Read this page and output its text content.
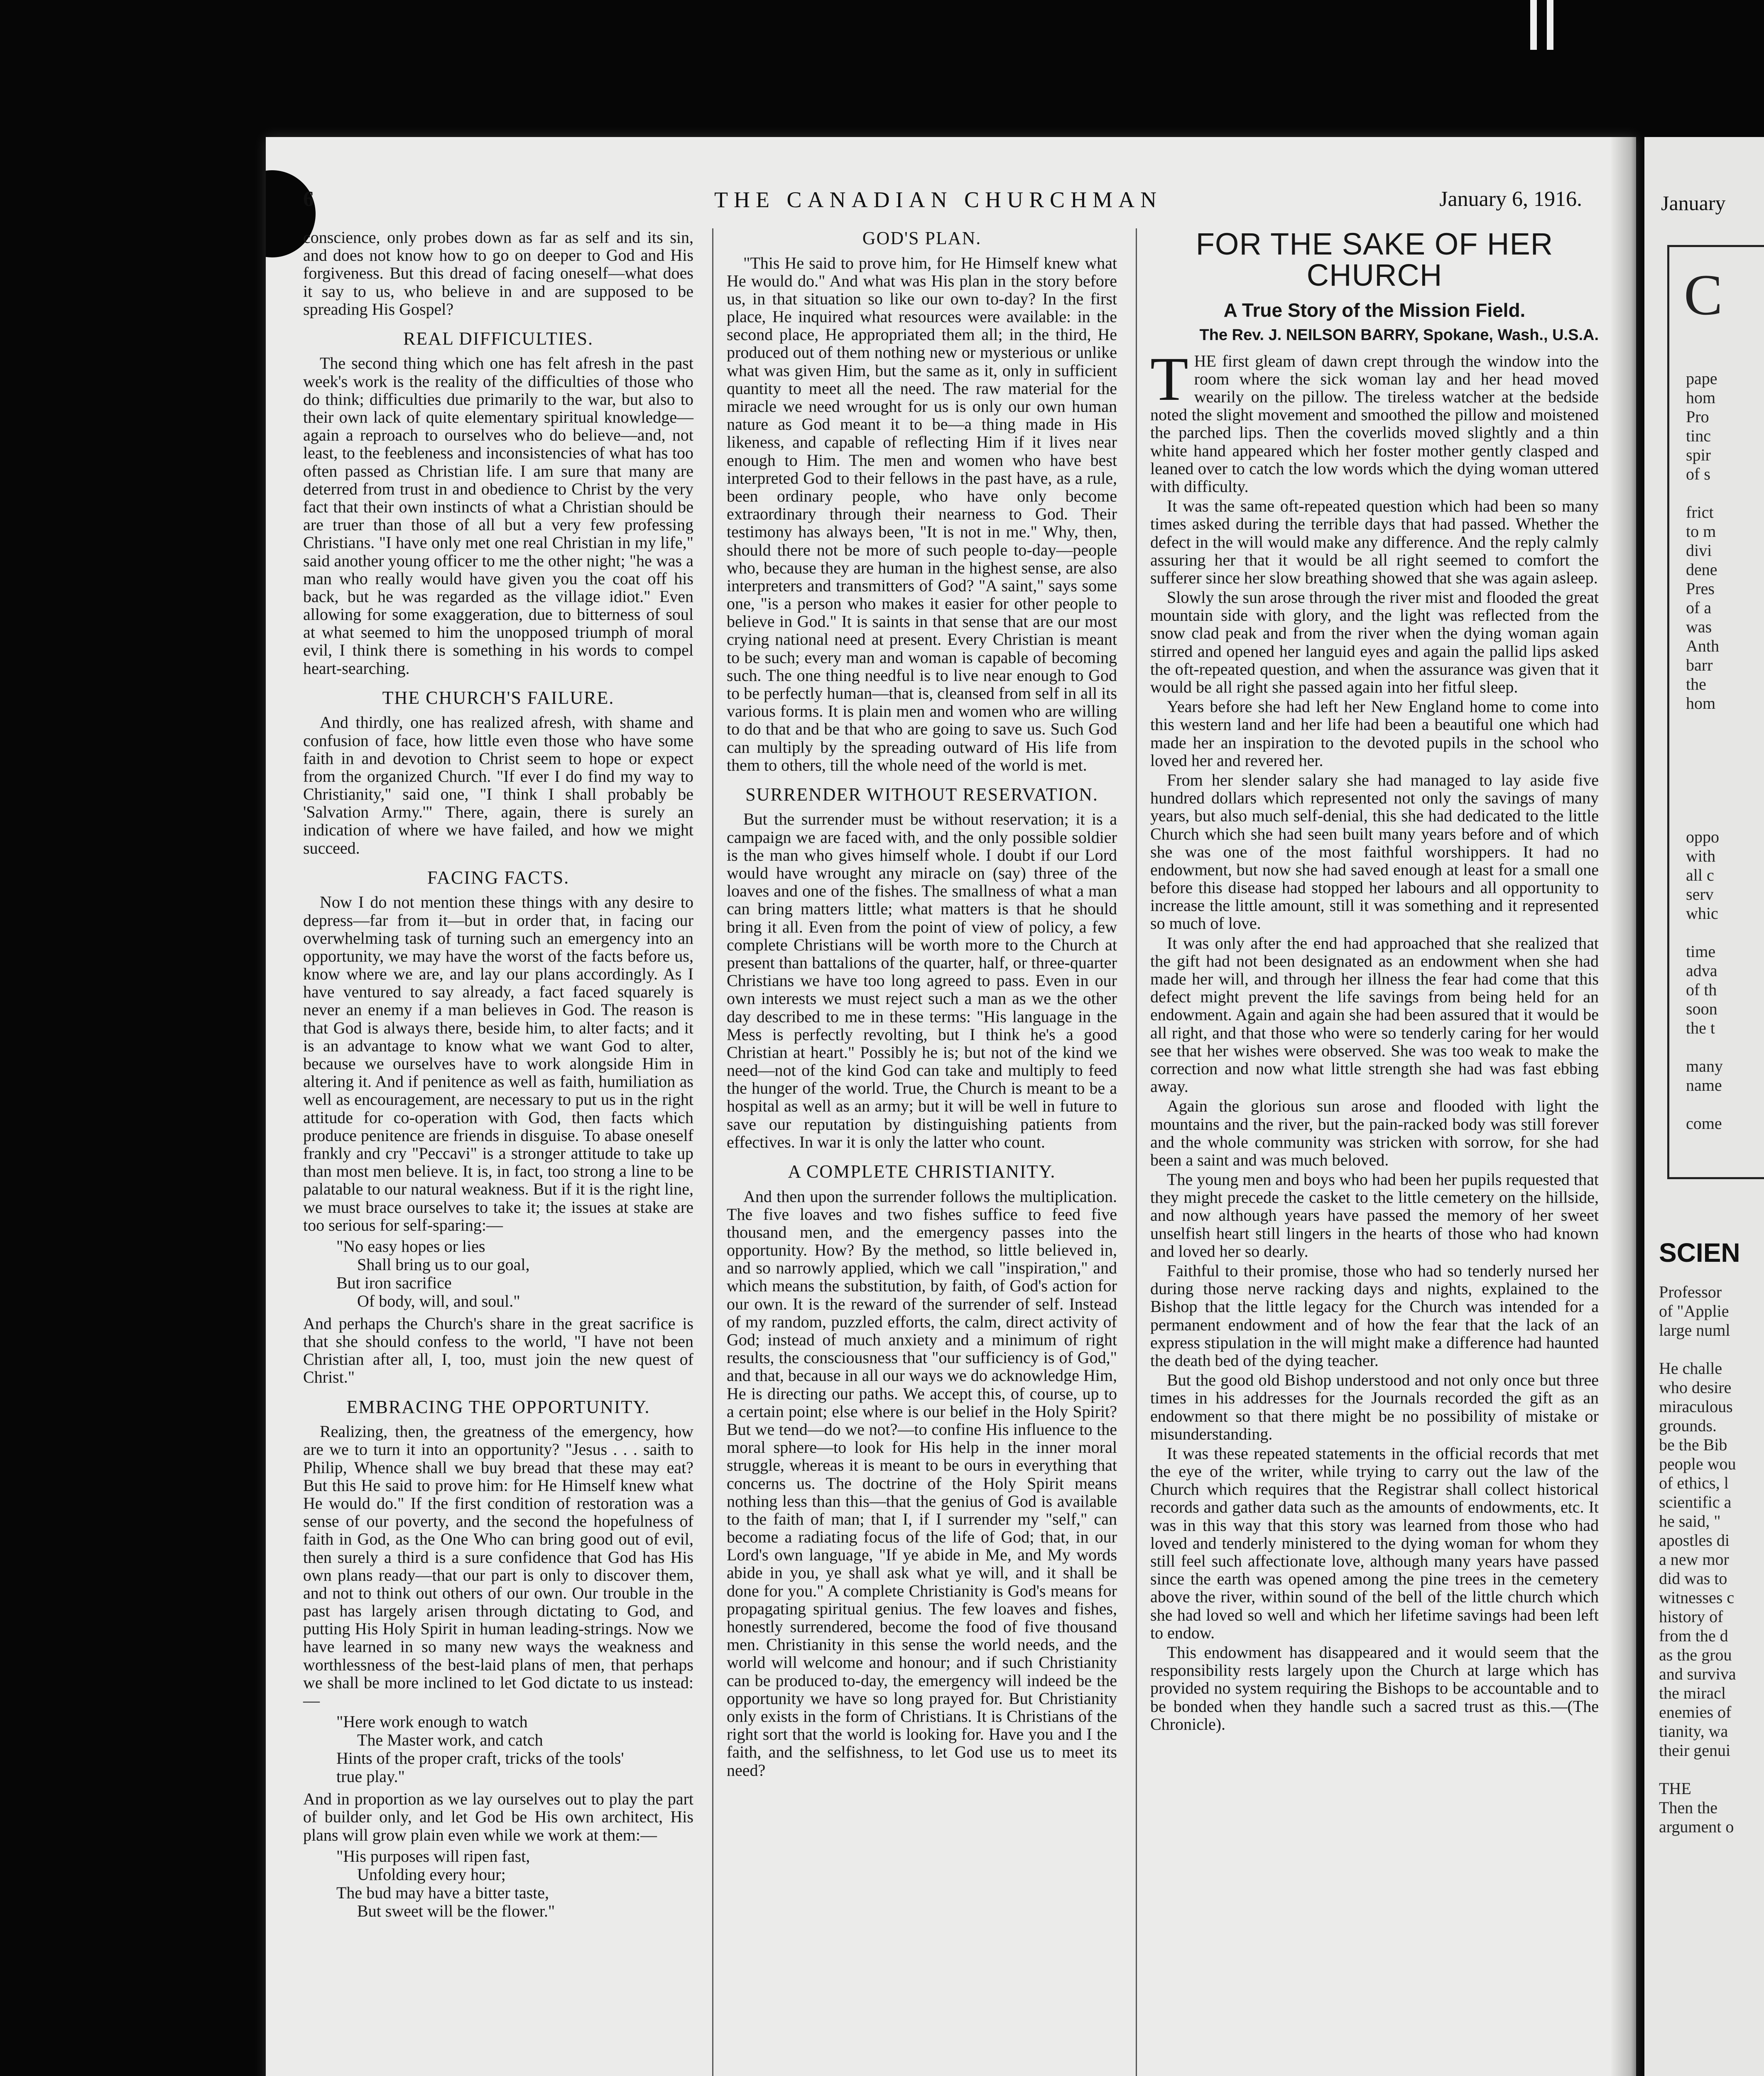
6	THE CANADIAN CHURCHMAN	January 6, 1916.

conscience, only probes down as far as self and its sin, and does not know how to go on deeper to God and His forgiveness. But this dread of facing oneself—what does it say to us, who believe in and are supposed to be spreading His Gospel?

REAL DIFFICULTIES.

The second thing which one has felt afresh in the past week's work is the reality of the difficulties of those who do think; difficulties due primarily to the war, but also to their own lack of quite elementary spiritual knowledge—again a reproach to ourselves who do believe—and, not least, to the feebleness and inconsistencies of what has too often passed as Christian life. I am sure that many are deterred from trust in and obedience to Christ by the very fact that their own instincts of what a Christian should be are truer than those of all but a very few professing Christians. "I have only met one real Christian in my life," said another young officer to me the other night; "he was a man who really would have given you the coat off his back, but he was regarded as the village idiot." Even allowing for some exaggeration, due to bitterness of soul at what seemed to him the unopposed triumph of moral evil, I think there is something in his words to compel heart-searching.

THE CHURCH'S FAILURE.

And thirdly, one has realized afresh, with shame and confusion of face, how little even those who have some faith in and devotion to Christ seem to hope or expect from the organized Church. "If ever I do find my way to Christianity," said one, "I think I shall probably be 'Salvation Army.'" There, again, there is surely an indication of where we have failed, and how we might succeed.

FACING FACTS.

Now I do not mention these things with any desire to depress—far from it—but in order that, in facing our overwhelming task of turning such an emergency into an opportunity, we may have the worst of the facts before us, know where we are, and lay our plans accordingly. As I have ventured to say already, a fact faced squarely is never an enemy if a man believes in God. The reason is that God is always there, beside him, to alter facts; and it is an advantage to know what we want God to alter, because we ourselves have to work alongside Him in altering it. And if penitence as well as faith, humiliation as well as encouragement, are necessary to put us in the right attitude for co-operation with God, then facts which produce penitence are friends in disguise. To abase oneself frankly and cry "Peccavi" is a stronger attitude to take up than most men believe. It is, in fact, too strong a line to be palatable to our natural weakness. But if it is the right line, we must brace ourselves to take it; the issues at stake are too serious for self-sparing:—

"No easy hopes or lies
Shall bring us to our goal,
But iron sacrifice
Of body, will, and soul."

And perhaps the Church's share in the great sacrifice is that she should confess to the world, "I have not been Christian after all, I, too, must join the new quest of Christ."

EMBRACING THE OPPORTUNITY.

Realizing, then, the greatness of the emergency, how are we to turn it into an opportunity? "Jesus . . . saith to Philip, Whence shall we buy bread that these may eat? But this He said to prove him: for He Himself knew what He would do." If the first condition of restoration was a sense of our poverty, and the second the hopefulness of faith in God, as the One Who can bring good out of evil, then surely a third is a sure confidence that God has His own plans ready—that our part is only to discover them, and not to think out others of our own. Our trouble in the past has largely arisen through dictating to God, and putting His Holy Spirit in human leading-strings. Now we have learned in so many new ways the weakness and worthlessness of the best-laid plans of men, that perhaps we shall be more inclined to let God dictate to us instead:—

"Here work enough to watch
The Master work, and catch
Hints of the proper craft, tricks of the tools'
true play."

And in proportion as we lay ourselves out to play the part of builder only, and let God be His own architect, His plans will grow plain even while we work at them:—

"His purposes will ripen fast,
Unfolding every hour;
The bud may have a bitter taste,
But sweet will be the flower."
GOD'S PLAN.

"This He said to prove him, for He Himself knew what He would do." And what was His plan in the story before us, in that situation so like our own to-day? In the first place, He inquired what resources were available: in the second place, He appropriated them all; in the third, He produced out of them nothing new or mysterious or unlike what was given Him, but the same as it, only in sufficient quantity to meet all the need. The raw material for the miracle we need wrought for us is only our own human nature as God meant it to be—a thing made in His likeness, and capable of reflecting Him if it lives near enough to Him. The men and women who have best interpreted God to their fellows in the past have, as a rule, been ordinary people, who have only become extraordinary through their nearness to God. Their testimony has always been, "It is not in me." Why, then, should there not be more of such people to-day—people who, because they are human in the highest sense, are also interpreters and transmitters of God? "A saint," says some one, "is a person who makes it easier for other people to believe in God." It is saints in that sense that are our most crying national need at present. Every Christian is meant to be such; every man and woman is capable of becoming such. The one thing needful is to live near enough to God to be perfectly human—that is, cleansed from self in all its various forms. It is plain men and women who are willing to do that and be that who are going to save us. Such God can multiply by the spreading outward of His life from them to others, till the whole need of the world is met.

SURRENDER WITHOUT RESERVATION.

But the surrender must be without reservation; it is a campaign we are faced with, and the only possible soldier is the man who gives himself whole. I doubt if our Lord would have wrought any miracle on (say) three of the loaves and one of the fishes. The smallness of what a man can bring matters little; what matters is that he should bring it all. Even from the point of view of policy, a few complete Christians will be worth more to the Church at present than battalions of the quarter, half, or three-quarter Christians we have too long agreed to pass. Even in our own interests we must reject such a man as we the other day described to me in these terms: "His language in the Mess is perfectly revolting, but I think he's a good Christian at heart." Possibly he is; but not of the kind we need—not of the kind God can take and multiply to feed the hunger of the world. True, the Church is meant to be a hospital as well as an army; but it will be well in future to save our reputation by distinguishing patients from effectives. In war it is only the latter who count.

A COMPLETE CHRISTIANITY.

And then upon the surrender follows the multiplication. The five loaves and two fishes suffice to feed five thousand men, and the emergency passes into the opportunity. How? By the method, so little believed in, and so narrowly applied, which we call "inspiration," and which means the substitution, by faith, of God's action for our own. It is the reward of the surrender of self. Instead of my random, puzzled efforts, the calm, direct activity of God; instead of much anxiety and a minimum of right results, the consciousness that "our sufficiency is of God," and that, because in all our ways we do acknowledge Him, He is directing our paths. We accept this, of course, up to a certain point; else where is our belief in the Holy Spirit? But we tend—do we not?—to confine His influence to the moral sphere—to look for His help in the inner moral struggle, whereas it is meant to be ours in everything that concerns us. The doctrine of the Holy Spirit means nothing less than this—that the genius of God is available to the faith of man; that I, if I surrender my "self," can become a radiating focus of the life of God; that, in our Lord's own language, "If ye abide in Me, and My words abide in you, ye shall ask what ye will, and it shall be done for you." A complete Christianity is God's means for propagating spiritual genius. The few loaves and fishes, honestly surrendered, become the food of five thousand men. Christianity in this sense the world needs, and the world will welcome and honour; and if such Christianity can be produced to-day, the emergency will indeed be the opportunity we have so long prayed for. But Christianity only exists in the form of Christians. It is Christians of the right sort that the world is looking for. Have you and I the faith, and the selfishness, to let God use us to meet its need?

FOR THE SAKE OF HER CHURCH
A True Story of the Mission Field.
The Rev. J. NEILSON BARRY, Spokane, Wash., U.S.A.

THE first gleam of dawn crept through the window into the room where the sick woman lay and her head moved wearily on the pillow. The tireless watcher at the bedside noted the slight movement and smoothed the pillow and moistened the parched lips. Then the coverlids moved slightly and a thin white hand appeared which her foster mother gently clasped and leaned over to catch the low words which the dying woman uttered with difficulty.

It was the same oft-repeated question which had been so many times asked during the terrible days that had passed. Whether the defect in the will would make any difference. And the reply calmly assuring her that it would be all right seemed to comfort the sufferer since her slow breathing showed that she was again asleep.

Slowly the sun arose through the river mist and flooded the great mountain side with glory, and the light was reflected from the snow clad peak and from the river when the dying woman again stirred and opened her languid eyes and again the pallid lips asked the oft-repeated question, and when the assurance was given that it would be all right she passed again into her fitful sleep.

Years before she had left her New England home to come into this western land and her life had been a beautiful one which had made her an inspiration to the devoted pupils in the school who loved her and revered her.

From her slender salary she had managed to lay aside five hundred dollars which represented not only the savings of many years, but also much self-denial, this she had dedicated to the little Church which she had seen built many years before and of which she was one of the most faithful worshippers. It had no endowment, but now she had saved enough at least for a small one before this disease had stopped her labours and all opportunity to increase the little amount, still it was something and it represented so much of love.

It was only after the end had approached that she realized that the gift had not been designated as an endowment when she had made her will, and through her illness the fear had come that this defect might prevent the life savings from being held for an endowment. Again and again she had been assured that it would be all right, and that those who were so tenderly caring for her would see that her wishes were observed. She was too weak to make the correction and now what little strength she had was fast ebbing away.

Again the glorious sun arose and flooded with light the mountains and the river, but the pain-racked body was still forever and the whole community was stricken with sorrow, for she had been a saint and was much beloved.

The young men and boys who had been her pupils requested that they might precede the casket to the little cemetery on the hillside, and now although years have passed the memory of her sweet unselfish heart still lingers in the hearts of those who had known and loved her so dearly.

Faithful to their promise, those who had so tenderly nursed her during those nerve racking days and nights, explained to the Bishop that the little legacy for the Church was intended for a permanent endowment and of how the fear that the lack of an express stipulation in the will might make a difference had haunted the death bed of the dying teacher.

But the good old Bishop understood and not only once but three times in his addresses for the Journals recorded the gift as an endowment so that there might be no possibility of mistake or misunderstanding.

It was these repeated statements in the official records that met the eye of the writer, while trying to carry out the law of the Church which requires that the Registrar shall collect historical records and gather data such as the amounts of endowments, etc. It was in this way that this story was learned from those who had loved and tenderly ministered to the dying woman for whom they still feel such affectionate love, although many years have passed since the earth was opened among the pine trees in the cemetery above the river, within sound of the bell of the little church which she had loved so well and which her lifetime savings had been left to endow.

This endowment has disappeared and it would seem that the responsibility rests largely upon the Church at large which has provided no system requiring the Bishops to be accountable and to be bonded when they handle such a sacred trust as this.—(The Chronicle).

January
C
pape
hom
Pro
tinc
spir
of s
frict
to m
divi
dene
Pres
of a
was
Anth
barr
the
hom
oppo
with
all c
serv
whic
time
adva
of th
soon
the t
many
name
come
SCIEN
Professor
of "Applie
large numl
He challe
who desire
miraculous
grounds.
be the Bib
people wou
of ethics, l
scientific a
he said, "
apostles di
a new mor
did was to
witnesses c
history of
from the d
as the grou
and surviva
the miracl
enemies of
tianity, wa
their genui
THE
Then the
argument o
